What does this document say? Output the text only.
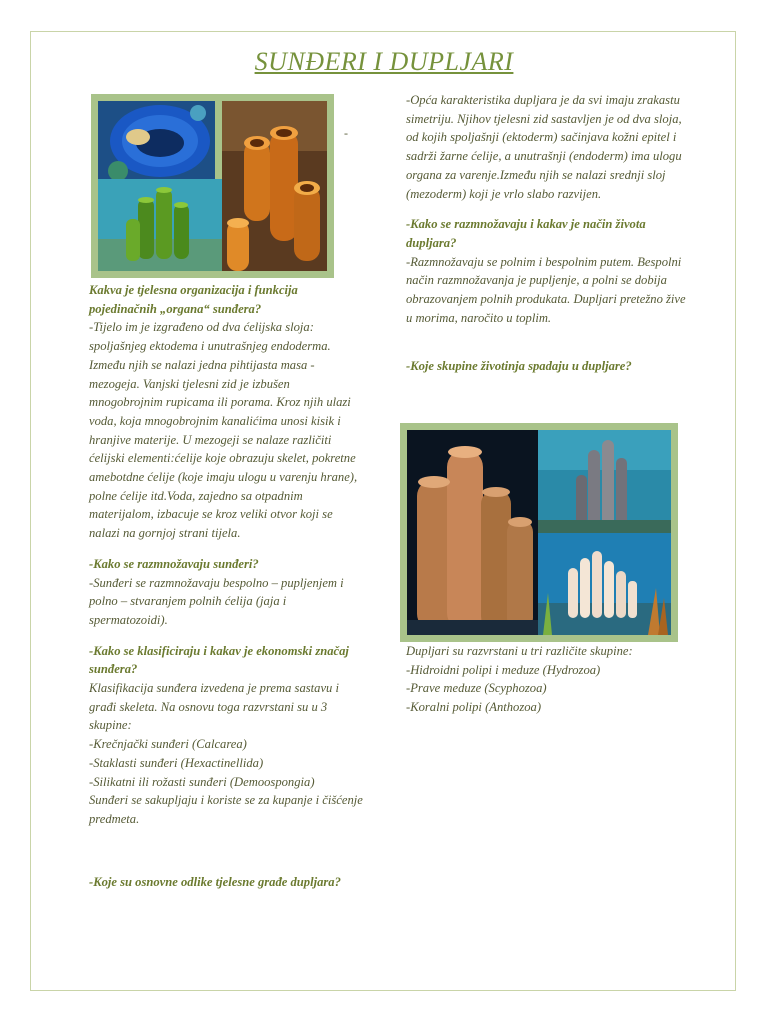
SUNĐERI I DUPLJARI
-

Kakva je tjelesna organizacija i funkcija pojedinačnih „organa“ sunđera?

-Tijelo im je izgrađeno od dva ćelijska sloja: spoljašnjeg ektodema i unutrašnjeg endoderma. Između njih se nalazi jedna pihtijasta masa - mezogeja. Vanjski tjelesni zid je izbušen mnogobrojnim rupicama ili porama. Kroz njih ulazi voda, koja mnogobrojnim kanalićima unosi kisik i hranjive materije. U mezogeji se nalaze različiti ćelijski elementi:ćelije koje obrazuju skelet, pokretne amebotdne ćelije (koje imaju ulogu u varenju hrane), polne ćelije itd.Voda, zajedno sa otpadnim materijalom, izbacuje se kroz veliki otvor koji se nalazi na gornjoj strani tijela.

-Kako se razmnožavaju sunđeri?

-Sunđeri se razmnožavaju bespolno – pupljenjem i polno – stvaranjem polnih ćelija (jaja i spermatozoidi).

-Kako se klasificiraju i kakav je ekonomski značaj sunđera?

Klasifikacija sunđera izvedena je prema sastavu i građi skeleta. Na osnovu toga razvrstani su u 3 skupine:

-Krečnjački sunđeri (Calcarea)

-Staklasti sunđeri (Hexactinellida)

-Silikatni ili rožasti sunđeri (Demoospongia)

Sunđeri se sakupljaju i koriste se za kupanje i čišćenje predmeta.

-Koje su osnovne odlike tjelesne građe dupljara?

-Opća karakteristika dupljara je da svi imaju zrakastu simetriju. Njihov tjelesni zid sastavljen je od dva sloja, od kojih spoljašnji (ektoderm) sačinjava kožni epitel i sadrži žarne ćelije, a unutrašnji (endoderm) ima ulogu organa za varenje.Između njih se nalazi srednji sloj (mezoderm) koji je vrlo slabo razvijen.

-Kako se razmnožavaju i kakav je način života dupljara?

-Razmnožavaju se polnim i bespolnim putem. Bespolni način razmnožavanja je pupljenje, a polni se dobija obrazovanjem polnih produkata. Dupljari pretežno žive u morima, naročito u toplim.

-Koje skupine životinja spadaju u dupljare?

Dupljari su razvrstani u tri različite skupine:

-Hidroidni polipi i meduze (Hydrozoa)

-Prave meduze (Scyphozoa)

-Koralni polipi (Anthozoa)
